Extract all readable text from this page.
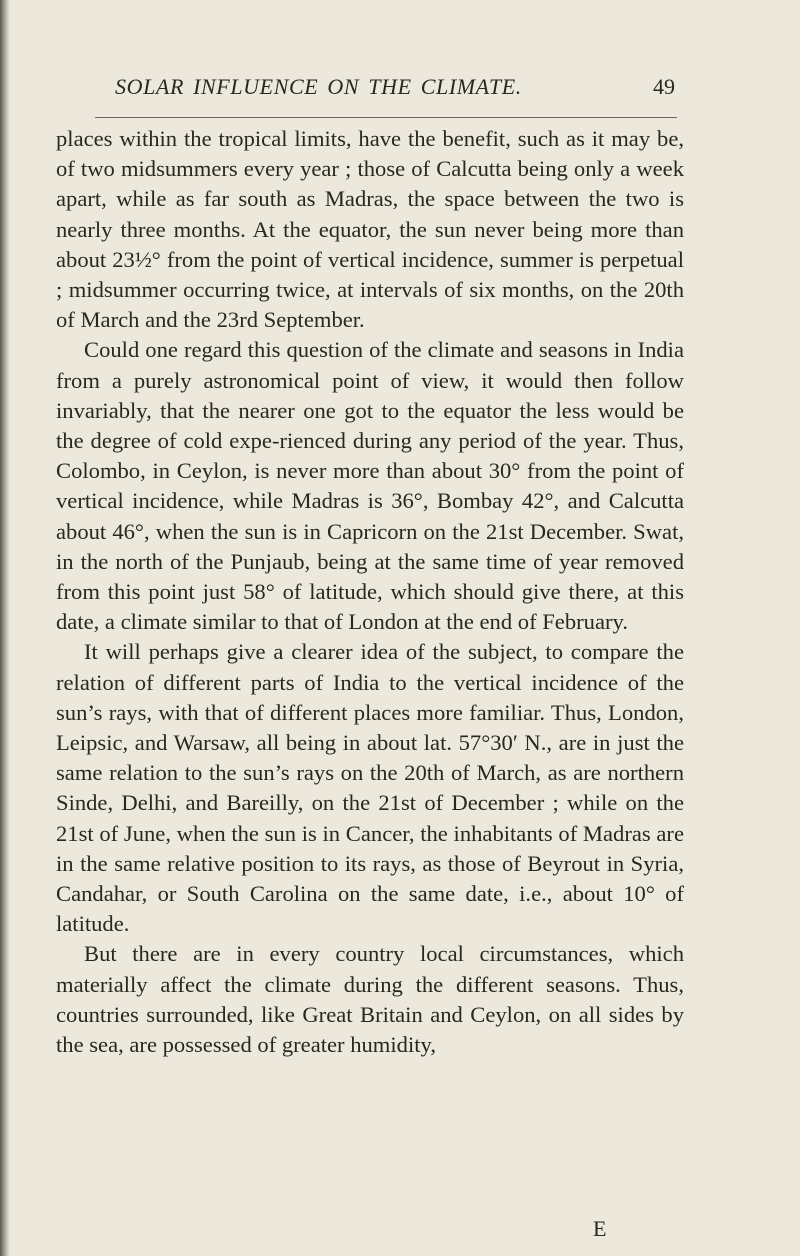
SOLAR INFLUENCE ON THE CLIMATE.	49

places within the tropical limits, have the benefit, such as it may be, of two midsummers every year ; those of Calcutta being only a week apart, while as far south as Madras, the space between the two is nearly three months. At the equator, the sun never being more than about 23½° from the point of vertical incidence, summer is perpetual ; midsummer occurring twice, at intervals of six months, on the 20th of March and the 23rd September.

Could one regard this question of the climate and seasons in India from a purely astronomical point of view, it would then follow invariably, that the nearer one got to the equator the less would be the degree of cold expe-rienced during any period of the year. Thus, Colombo, in Ceylon, is never more than about 30° from the point of vertical incidence, while Madras is 36°, Bombay 42°, and Calcutta about 46°, when the sun is in Capricorn on the 21st December. Swat, in the north of the Punjaub, being at the same time of year removed from this point just 58° of latitude, which should give there, at this date, a climate similar to that of London at the end of February.

It will perhaps give a clearer idea of the subject, to compare the relation of different parts of India to the vertical incidence of the sun’s rays, with that of different places more familiar. Thus, London, Leipsic, and Warsaw, all being in about lat. 57°30′ N., are in just the same relation to the sun’s rays on the 20th of March, as are northern Sinde, Delhi, and Bareilly, on the 21st of December ; while on the 21st of June, when the sun is in Cancer, the inhabitants of Madras are in the same relative position to its rays, as those of Beyrout in Syria, Candahar, or South Carolina on the same date, i.e., about 10° of latitude.

But there are in every country local circumstances, which materially affect the climate during the different seasons. Thus, countries surrounded, like Great Britain and Ceylon, on all sides by the sea, are possessed of greater humidity,

E
